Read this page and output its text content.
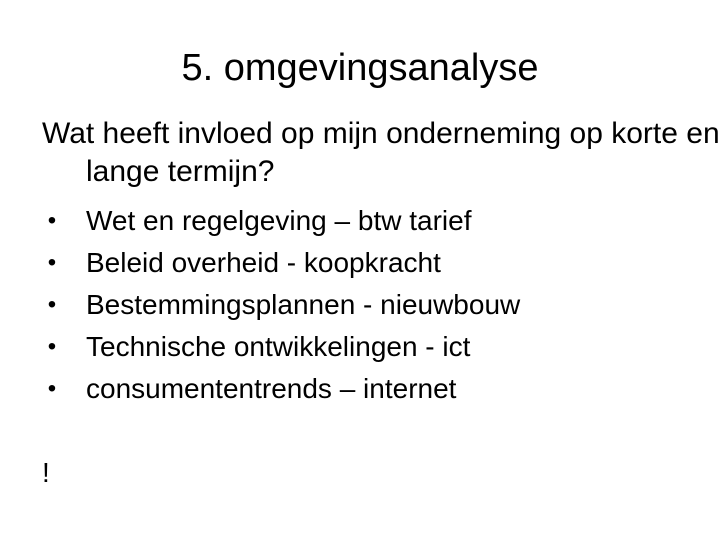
5. omgevingsanalyse
Wat heeft invloed op mijn onderneming op korte en lange termijn?
• Wet en regelgeving – btw tarief
• Beleid overheid - koopkracht
• Bestemmingsplannen - nieuwbouw
• Technische ontwikkelingen - ict
• consumententrends – internet
!
